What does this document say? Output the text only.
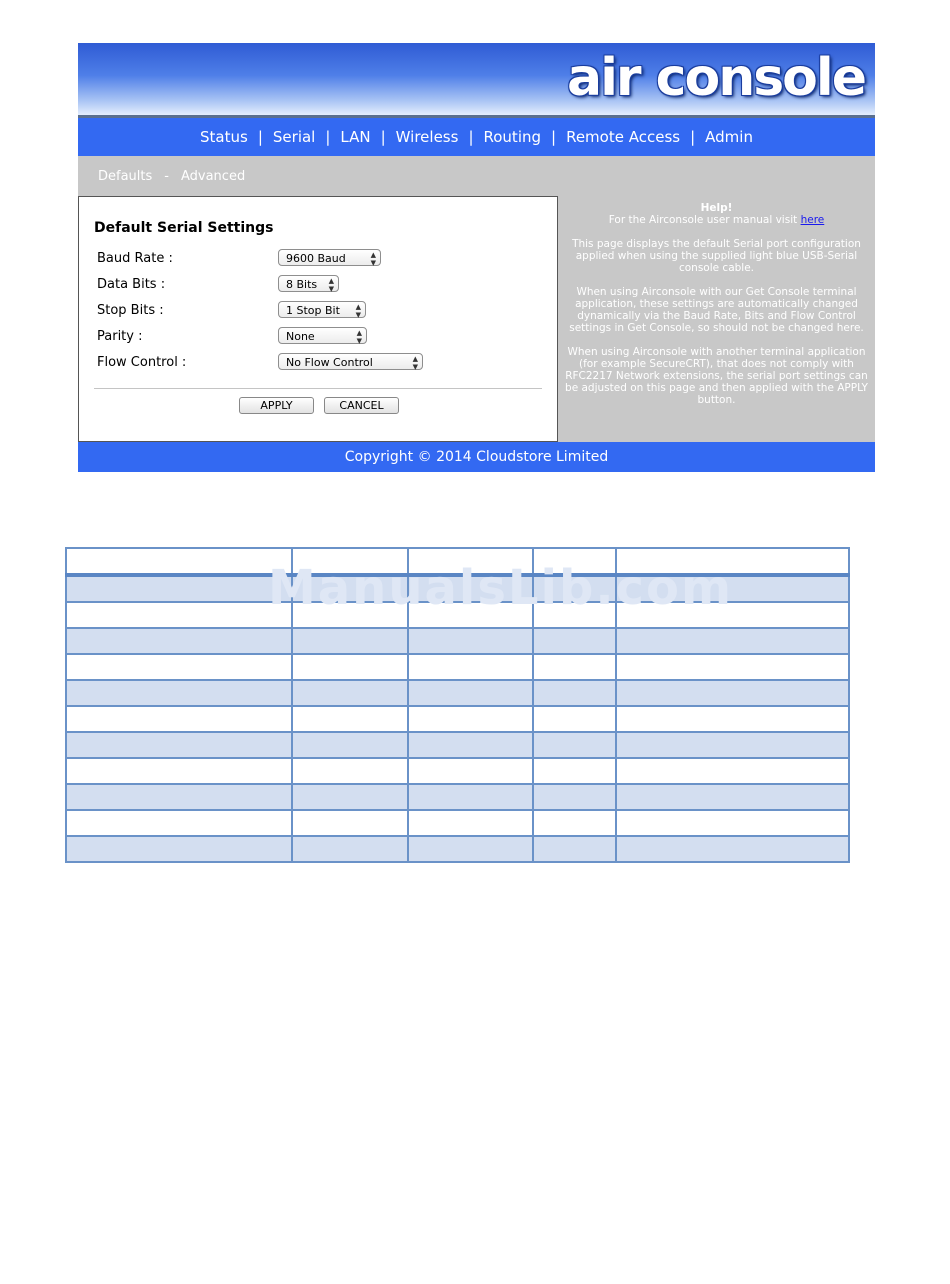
air console
Status | Serial | LAN | Wireless | Routing | Remote Access | Admin
Defaults - Advanced
Default Serial Settings
Baud Rate :	9600 Baud	▲
▼
Data Bits :	8 Bits ▲
▼
Stop Bits :	1 Stop Bit ▲
▼
Parity :	None	▲
▼
Flow Control :	No Flow Control	▲
▼
APPLY	CANCEL
Help!

For the Airconsole user manual visit here

This page displays the default Serial port configuration applied when using the supplied light blue USB-Serial console cable.

When using Airconsole with our Get Console terminal application, these settings are automatically changed dynamically via the Baud Rate, Bits and Flow Control settings in Get Console, so should not be changed here.

When using Airconsole with another terminal application (for example SecureCRT), that does not comply with RFC2217 Network extensions, the serial port settings can be adjusted on this page and then applied with the APPLY button.

Copyright © 2014 Cloudstore Limited

ManualsLib.com
